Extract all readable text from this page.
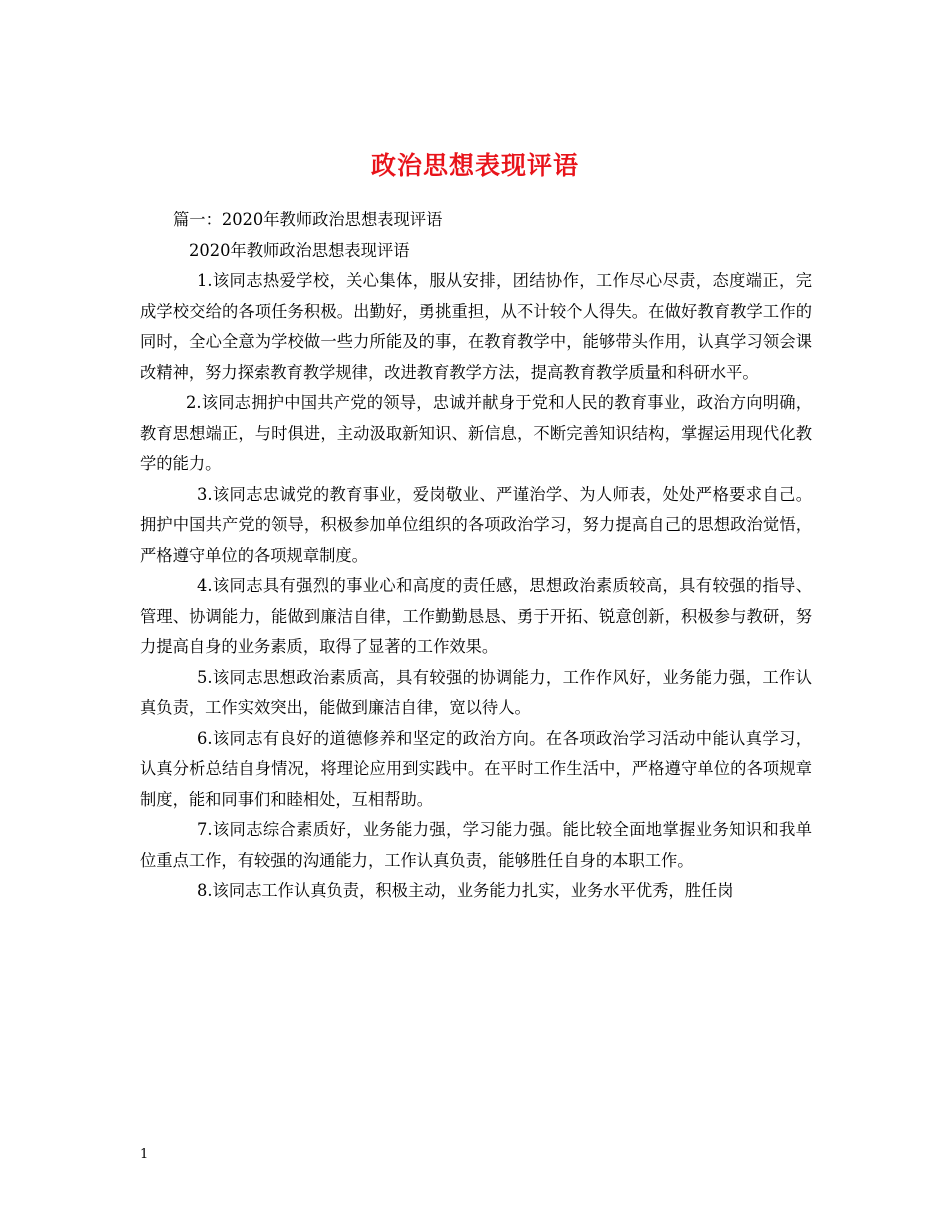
政治思想表现评语

篇一：2020年教师政治思想表现评语

2020年教师政治思想表现评语

1.该同志热爱学校，关心集体，服从安排，团结协作，工作尽心尽责，态度端正，完成学校交给的各项任务积极。出勤好，勇挑重担，从不计较个人得失。在做好教育教学工作的同时，全心全意为学校做一些力所能及的事，在教育教学中，能够带头作用，认真学习领会课改精神，努力探索教育教学规律，改进教育教学方法，提高教育教学质量和科研水平。

2.该同志拥护中国共产党的领导，忠诚并献身于党和人民的教育事业，政治方向明确，教育思想端正，与时俱进，主动汲取新知识、新信息，不断完善知识结构，掌握运用现代化教学的能力。

3.该同志忠诚党的教育事业，爱岗敬业、严谨治学、为人师表，处处严格要求自己。拥护中国共产党的领导，积极参加单位组织的各项政治学习，努力提高自己的思想政治觉悟，严格遵守单位的各项规章制度。

4.该同志具有强烈的事业心和高度的责任感，思想政治素质较高，具有较强的指导、管理、协调能力，能做到廉洁自律，工作勤勤恳恳、勇于开拓、锐意创新，积极参与教研，努力提高自身的业务素质，取得了显著的工作效果。

5.该同志思想政治素质高，具有较强的协调能力，工作作风好，业务能力强，工作认真负责，工作实效突出，能做到廉洁自律，宽以待人。

6.该同志有良好的道德修养和坚定的政治方向。在各项政治学习活动中能认真学习，认真分析总结自身情况，将理论应用到实践中。在平时工作生活中，严格遵守单位的各项规章制度，能和同事们和睦相处，互相帮助。

7.该同志综合素质好，业务能力强，学习能力强。能比较全面地掌握业务知识和我单位重点工作，有较强的沟通能力，工作认真负责，能够胜任自身的本职工作。

8.该同志工作认真负责，积极主动，业务能力扎实，业务水平优秀，胜任岗

1
